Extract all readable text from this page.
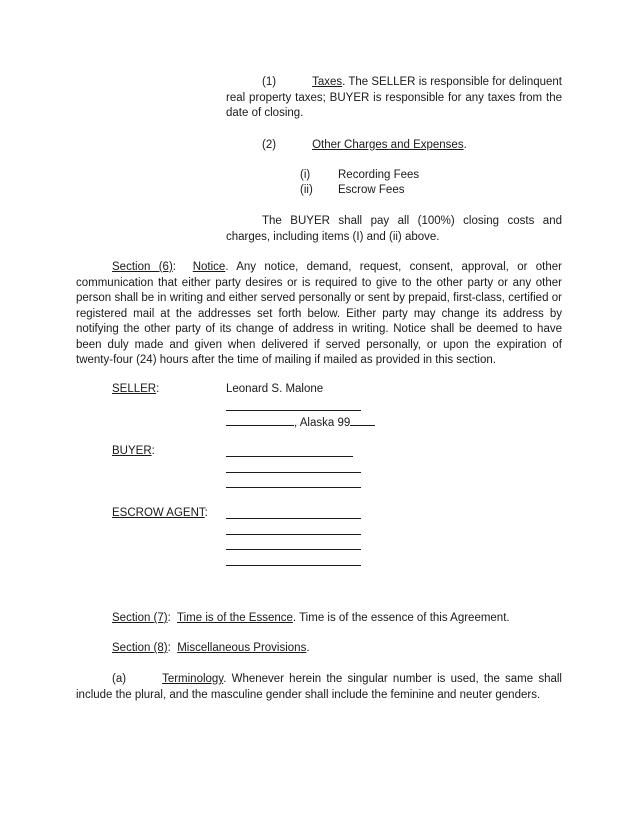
(1)	Taxes. The SELLER is responsible for delinquent real property taxes; BUYER is responsible for any taxes from the date of closing.
(2)	Other Charges and Expenses.
(i) Recording Fees
(ii) Escrow Fees
The BUYER shall pay all (100%) closing costs and charges, including items (I) and (ii) above.
Section (6):  Notice. Any notice, demand, request, consent, approval, or other communication that either party desires or is required to give to the other party or any other person shall be in writing and either served personally or sent by prepaid, first-class, certified or registered mail at the addresses set forth below. Either party may change its address by notifying the other party of its change of address in writing. Notice shall be deemed to have been duly made and given when delivered if served personally, or upon the expiration of twenty-four (24) hours after the time of mailing if mailed as provided in this section.
SELLER:	Leonard S. Malone
, Alaska 99
BUYER:
ESCROW AGENT:
Section (7):  Time is of the Essence. Time is of the essence of this Agreement.
Section (8):  Miscellaneous Provisions.
(a)	Terminology. Whenever herein the singular number is used, the same shall include the plural, and the masculine gender shall include the feminine and neuter genders.
